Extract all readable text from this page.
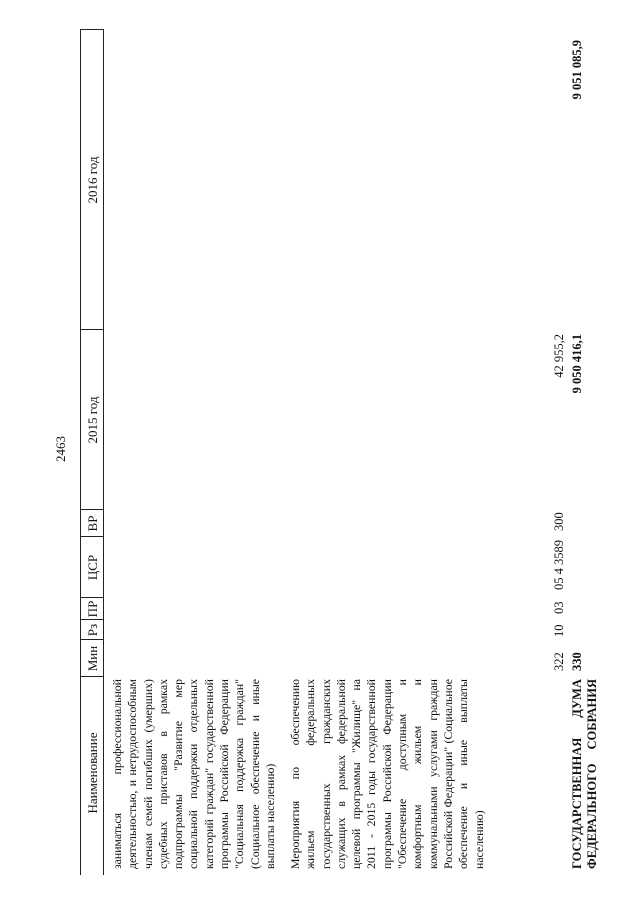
2463
Наименование
Мин
Рз
ПР
ЦСР
ВР
2015 год
2016 год
заниматься профессиональной деятельностью, и нетрудоспособным членам семей погибших (умерших) судебных приставов в рамках подпрограммы "Развитие мер социальной поддержки отдельных категорий граждан" государственной программы Российской Федерации "Социальная поддержка граждан" (Социальное обеспечение и иные выплаты населению) Мероприятия по обеспечению жильем федеральных государственных гражданских служащих в рамках федеральной целевой программы "Жилище" на 2011 - 2015 годы государственной программы Российской Федерации "Обеспечение доступным и комфортным жильем и коммунальными услугами граждан Российской Федерации" (Социальное обеспечение и иные выплаты населению)
322
10
03
05 4 3589
300
42 955,2
ГОСУДАРСТВЕННАЯ ДУМА ФЕДЕРАЛЬНОГО СОБРАНИЯ
330
9 050 416,1
9 051 085,9
